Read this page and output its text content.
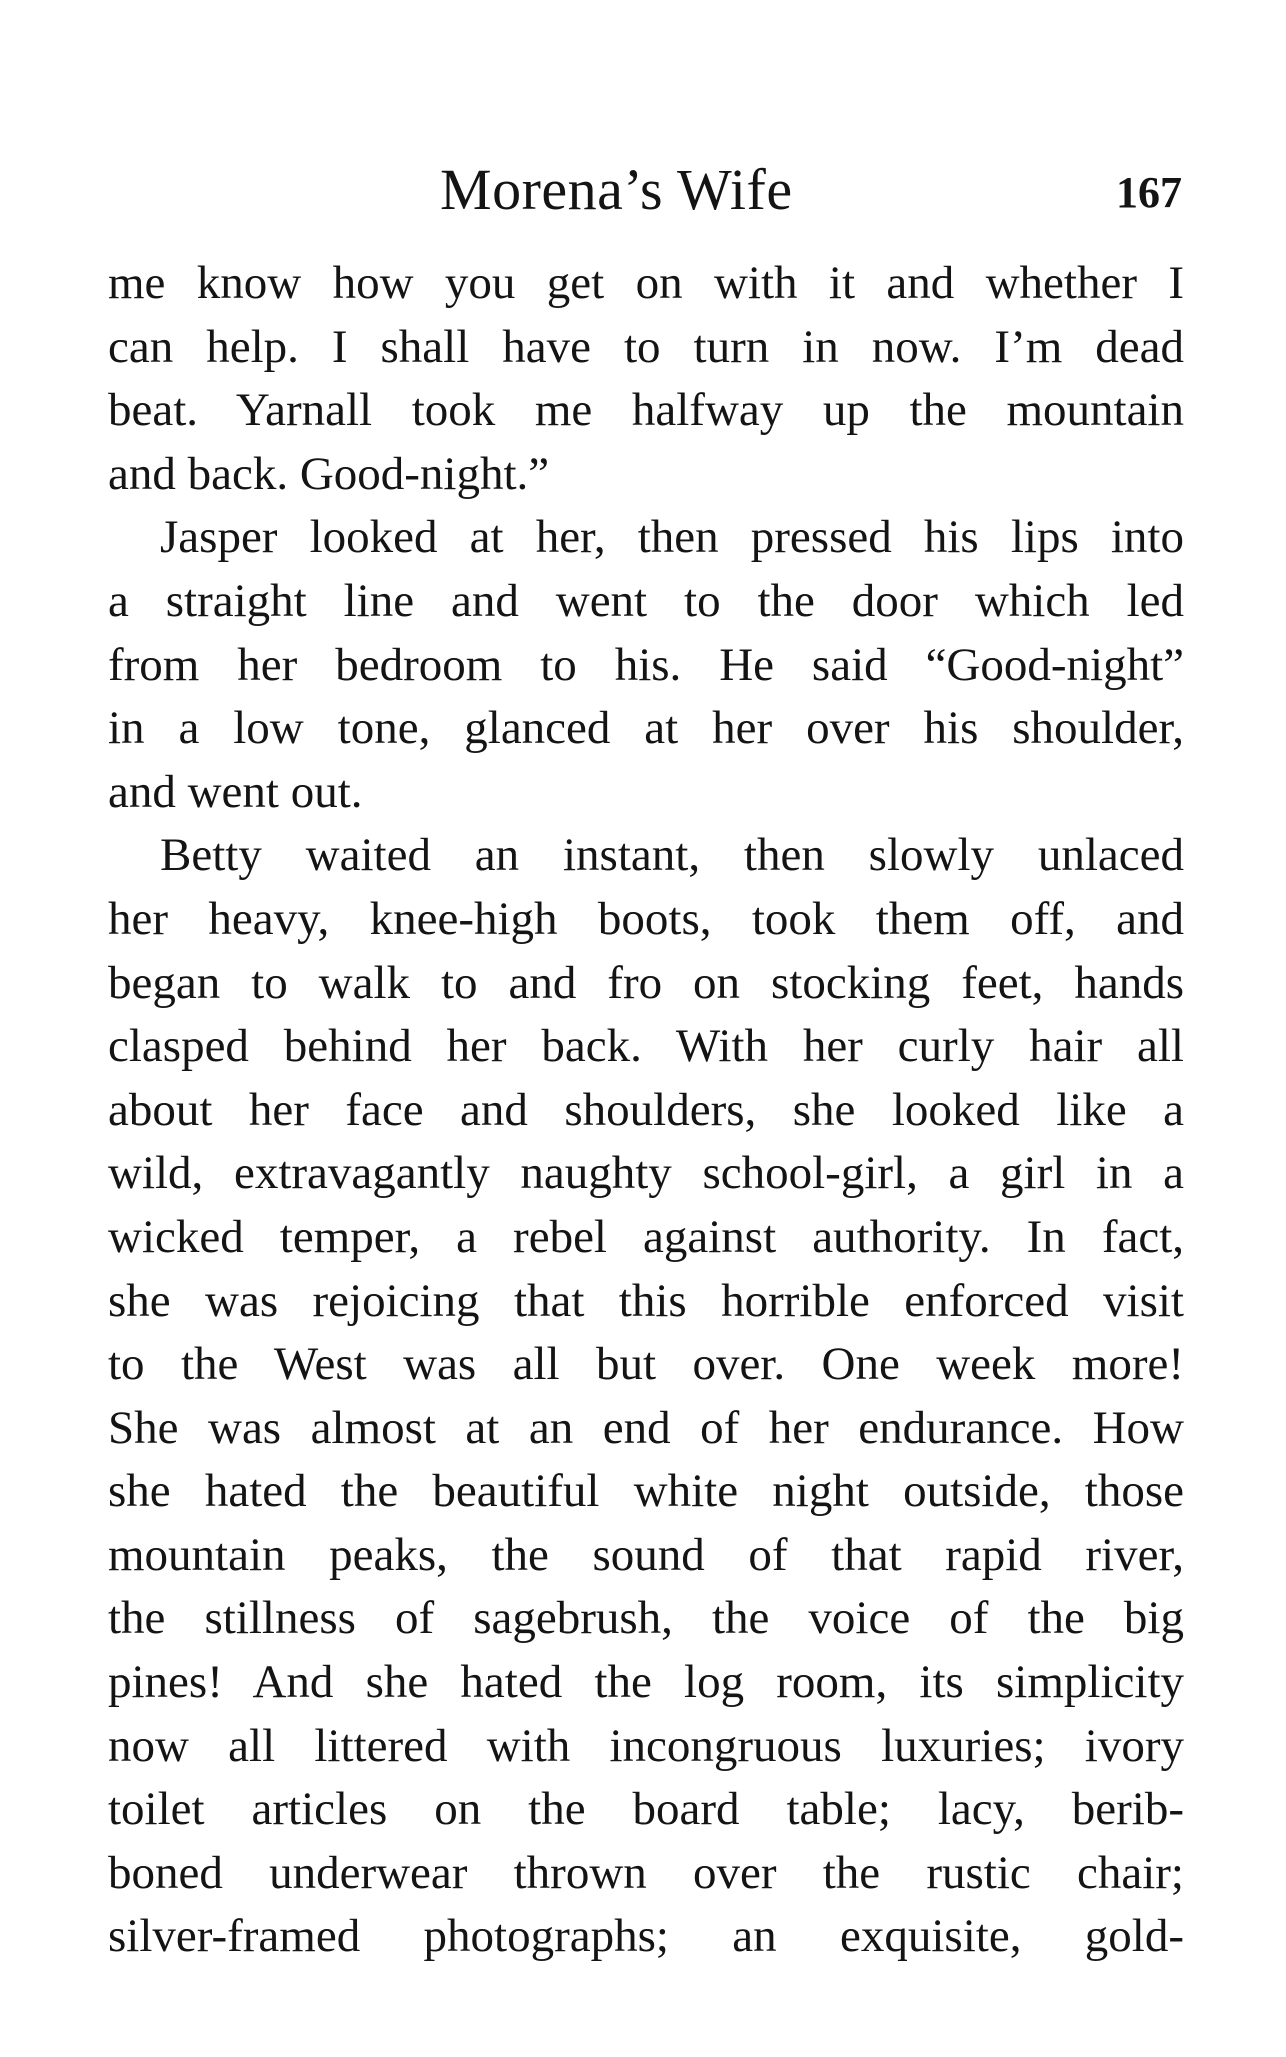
Morena’s Wife	167
me know how you get on with it and whether I
can help. I shall have to turn in now. I’m dead
beat. Yarnall took me halfway up the mountain
and back. Good-night.”
Jasper looked at her, then pressed his lips into
a straight line and went to the door which led
from her bedroom to his. He said “Good-night”
in a low tone, glanced at her over his shoulder,
and went out.
Betty waited an instant, then slowly unlaced
her heavy, knee-high boots, took them off, and
began to walk to and fro on stocking feet, hands
clasped behind her back. With her curly hair all
about her face and shoulders, she looked like a
wild, extravagantly naughty school-girl, a girl in a
wicked temper, a rebel against authority. In fact,
she was rejoicing that this horrible enforced visit
to the West was all but over. One week more!
She was almost at an end of her endurance. How
she hated the beautiful white night outside, those
mountain peaks, the sound of that rapid river,
the stillness of sagebrush, the voice of the big
pines! And she hated the log room, its simplicity
now all littered with incongruous luxuries; ivory
toilet articles on the board table; lacy, berib-
boned underwear thrown over the rustic chair;
silver-framed photographs; an exquisite, gold-
